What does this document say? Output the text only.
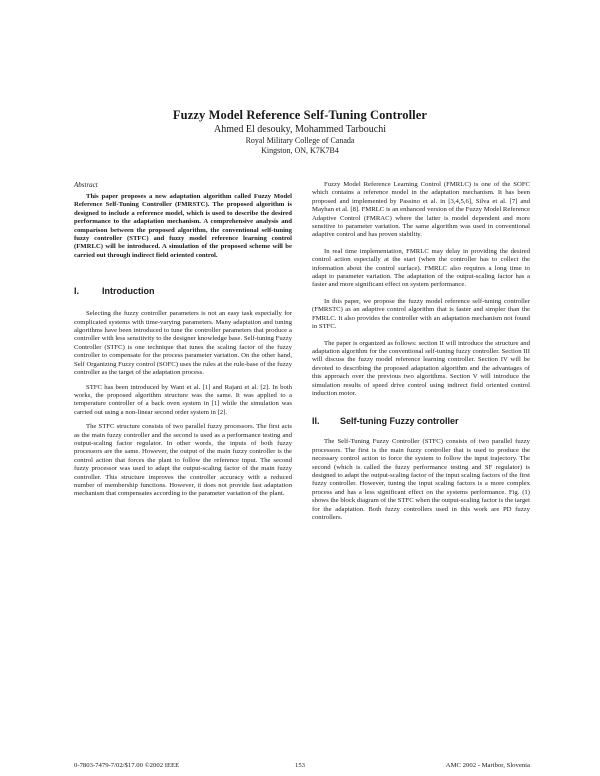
Fuzzy Model Reference Self-Tuning Controller
Ahmed El desouky, Mohammed Tarbouchi
Royal Military College of Canada
Kingston, ON, K7K7B4
Abstract

This paper proposes a new adaptation algorithm called Fuzzy Model Reference Self-Tuning Controller (FMRSTC). The proposed algorithm is designed to include a reference model, which is used to describe the desired performance to the adaptation mechanism. A comprehensive analysis and comparison between the proposed algorithm, the conventional self-tuning fuzzy controller (STFC) and fuzzy model reference learning control (FMRLC) will be introduced. A simulation of the proposed scheme will be carried out through indirect field oriented control.

I.	Introduction

Selecting the fuzzy controller parameters is not an easy task especially for complicated systems with time-varying parameters. Many adaptation and tuning algorithms have been introduced to tune the controller parameters that produce a controller with less sensitivity to the designer knowledge base. Self-tuning Fuzzy Controller (STFC) is one technique that tunes the scaling factor of the fuzzy controller to compensate for the process parameter variation. On the other hand, Self Organizing Fuzzy control (SOFC) uses the rules at the rule-base of the fuzzy controller as the target of the adaptation process.

STFC has been introduced by Want et al. [1] and Rajani et al. [2]. In both works, the proposed algorithm structure was the same. It was applied to a temperature controller of a back oven system in [1] while the simulation was carried out using a non-linear second order system in [2].

The STFC structure consists of two parallel fuzzy processors. The first acts as the main fuzzy controller and the second is used as a performance testing and output-scaling factor regulator. In other words, the inputs of both fuzzy processors are the same. However, the output of the main fuzzy controller is the control action that forces the plant to follow the reference input. The second fuzzy processor was used to adapt the output-scaling factor of the main fuzzy controller. This structure improves the controller accuracy with a reduced number of membership functions. However, it does not provide fast adaptation mechanism that compensates according to the parameter variation of the plant.

Fuzzy Model Reference Learning Control (FMRLC) is one of the SOFC which contains a reference model in the adaptation mechanism. It has been proposed and implemented by Passino et al. in [3,4,5,6], Silva et al. [7] and Mayhan et al. [8]. FMRLC is an enhanced version of the Fuzzy Model Reference Adaptive Control (FMRAC) where the latter is model dependent and more sensitive to parameter variation. The same algorithm was used in conventional adaptive control and has proven stability.

In real time implementation, FMRLC may delay in providing the desired control action especially at the start (when the controller has to collect the information about the control surface). FMRLC also requires a long time to adapt to parameter variation. The adaptation of the output-scaling factor has a faster and more significant effect on system performance.

In this paper, we propose the fuzzy model reference self-tuning controller (FMRSTC) as an adaptive control algorithm that is faster and simpler than the FMRLC. It also provides the controller with an adaptation mechanism not found in STFC.

The paper is organized as follows: section II will introduce the structure and adaptation algorithm for the conventional self-tuning fuzzy controller. Section III will discuss the fuzzy model reference learning controller. Section IV will be devoted to describing the proposed adaptation algorithm and the advantages of this approach over the previous two algorithms. Section V will introduce the simulation results of speed drive control using indirect field oriented control induction motor.

II. Self-tuning Fuzzy controller

The Self-Tuning Fuzzy Controller (STFC) consists of two parallel fuzzy processors. The first is the main fuzzy controller that is used to produce the necessary control action to force the system to follow the input trajectory. The second (which is called the fuzzy performance testing and SF regulator) is designed to adapt the output-scaling factor of the input scaling factors of the first fuzzy controller. However, tuning the input scaling factors is a more complex process and has a less significant effect on the systems performance. Fig. (1) shows the block diagram of the STFC when the output-scaling factor is the target for the adaptation. Both fuzzy controllers used in this work are PD fuzzy controllers.

0-7803-7479-7/02/$17.00 ©2002 IEEE	153	AMC 2002 - Maribor, Slovenia
